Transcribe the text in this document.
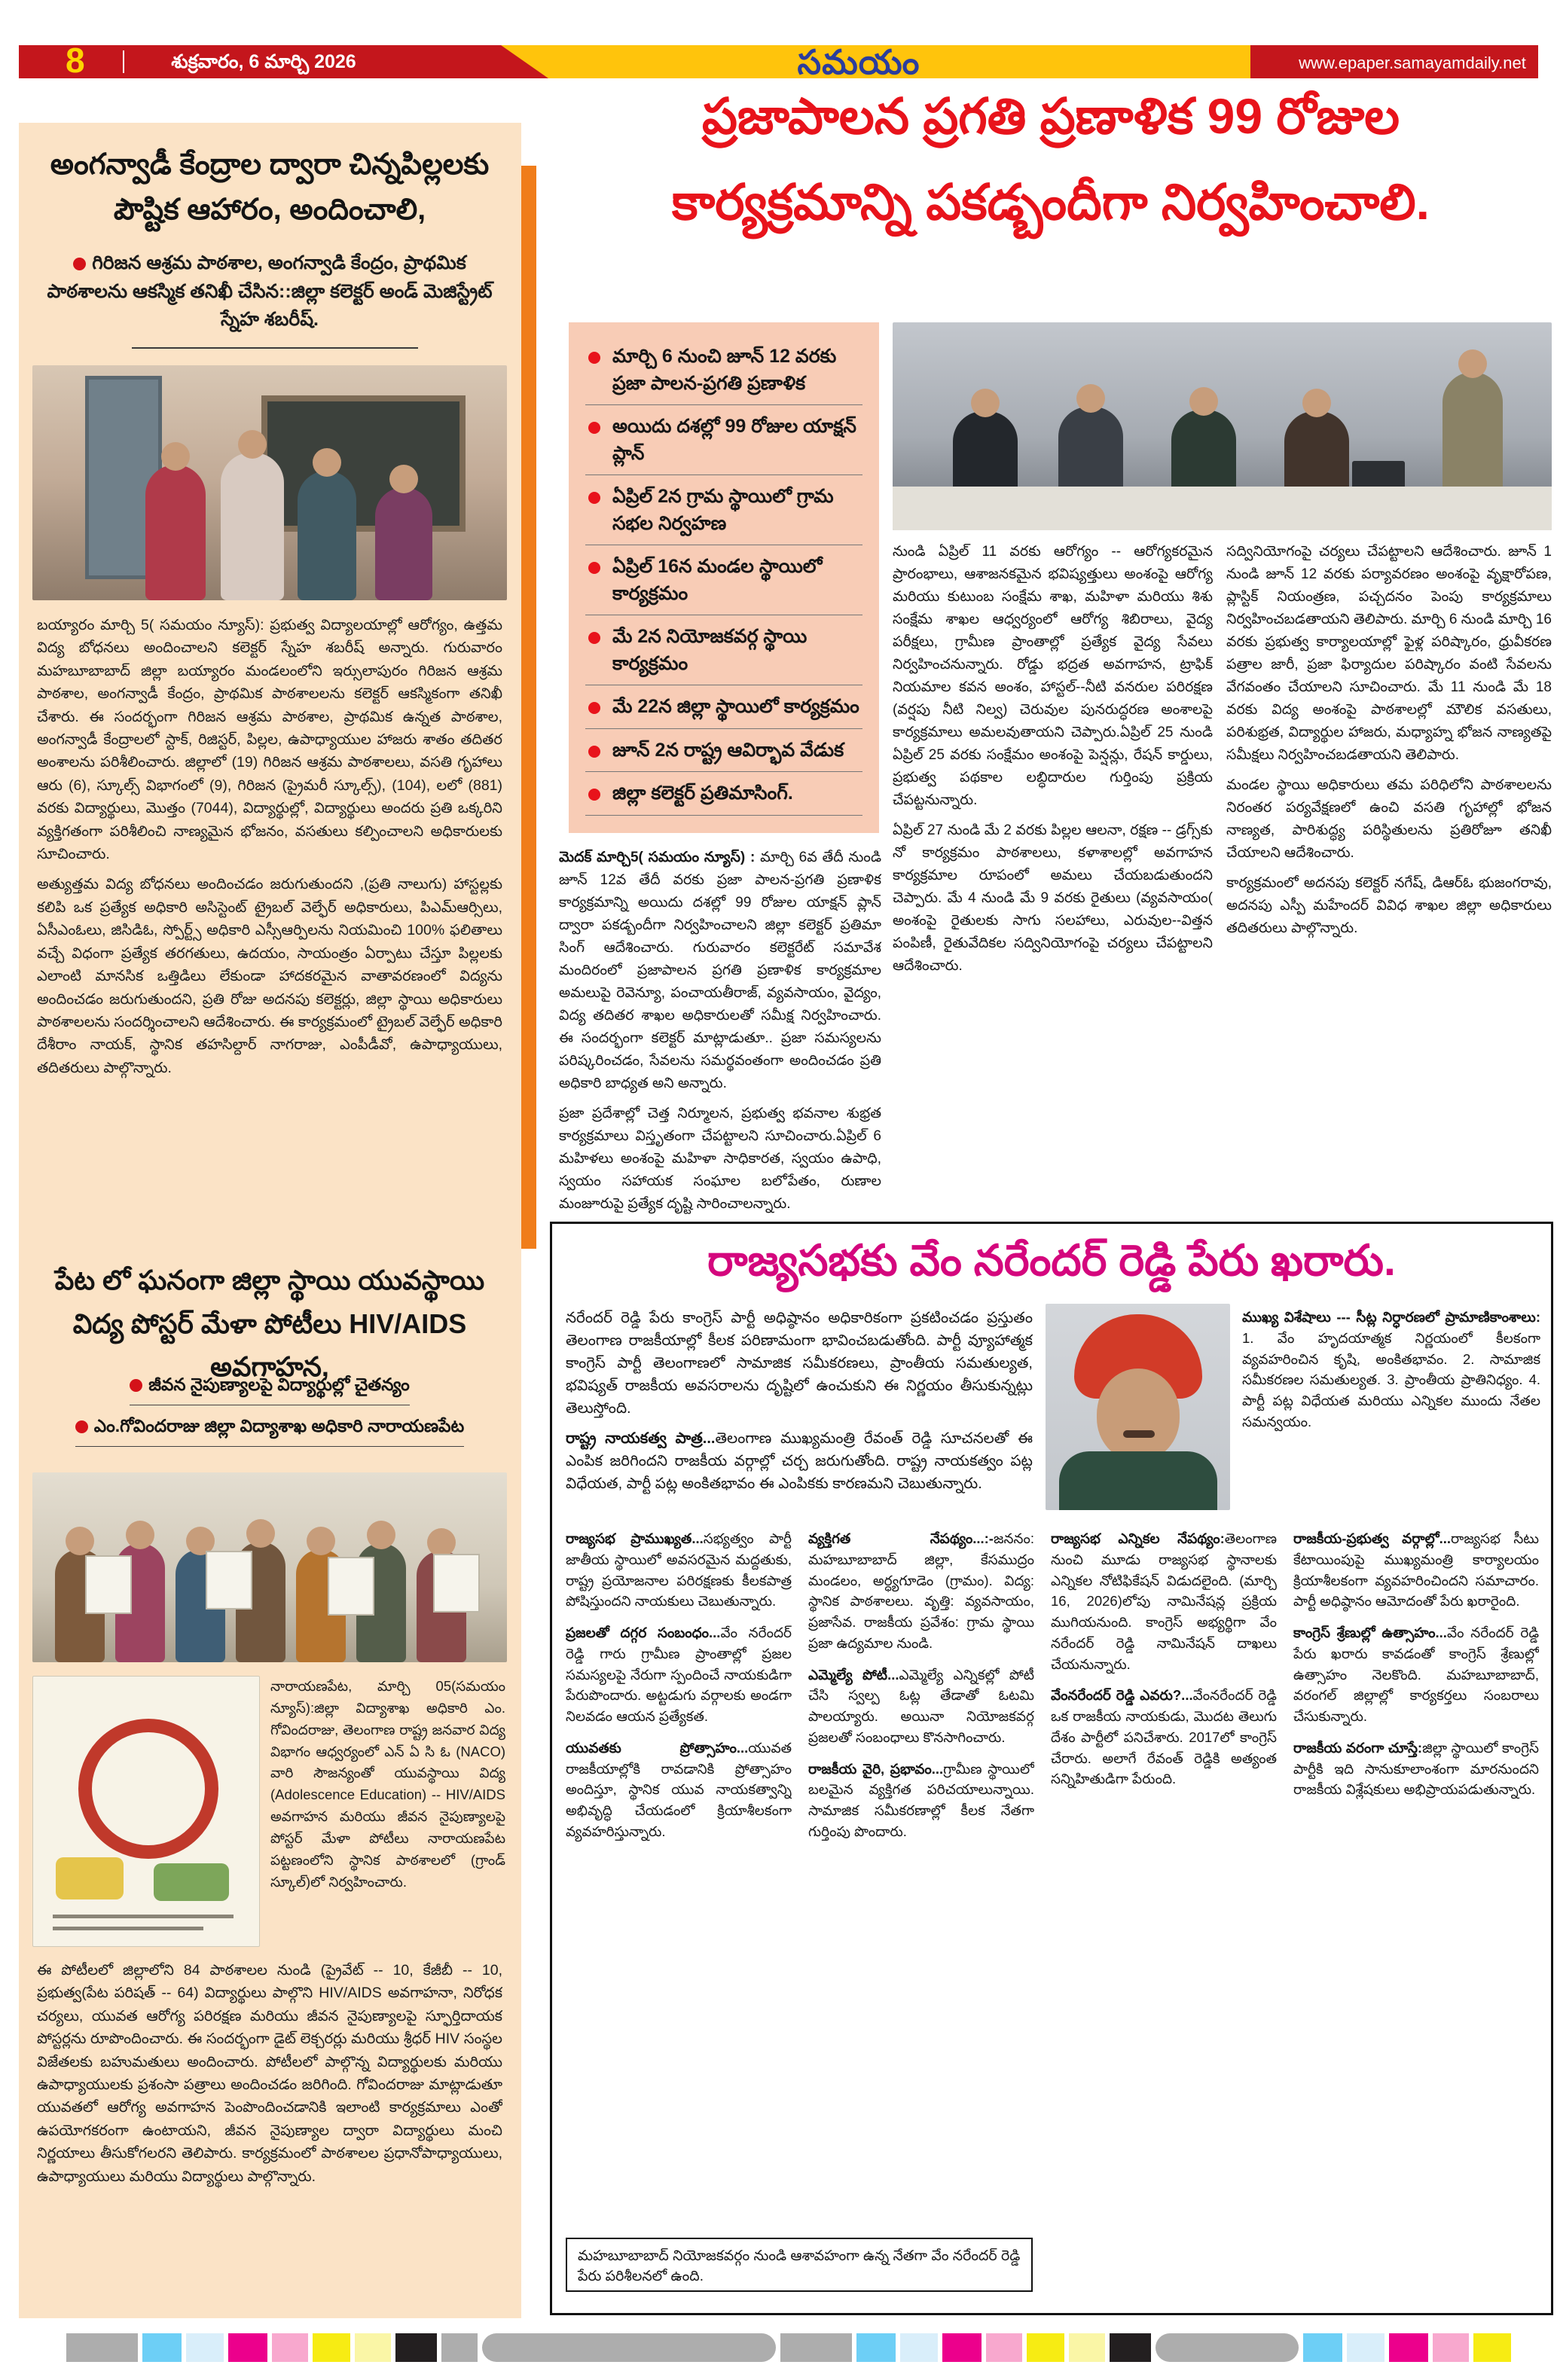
8	శుక్రవారం, 6 మార్చి 2026	సమయం	www.epaper.samayamdaily.net
అంగన్వాడీ కేంద్రాల ద్వారా చిన్నపిల్లలకు
పౌష్టిక ఆహారం, అందించాలి,
గిరిజన ఆశ్రమ పాఠశాల, అంగన్వాడి కేంద్రం, ప్రాథమిక పాఠశాలను ఆకస్మిక తనిఖీ చేసిన::జిల్లా కలెక్టర్ అండ్ మెజిస్ట్రేట్ స్నేహ శబరీష్.

బయ్యారం మార్చి 5( సమయం న్యూస్): ప్రభుత్వ విద్యాలయాల్లో ఆరోగ్యం, ఉత్తమ విద్య బోధనలు అందించాలని కలెక్టర్ స్నేహ శబరీష్ అన్నారు. గురువారం మహబూబాబాద్ జిల్లా బయ్యారం మండలంలోని ఇర్సులాపురం గిరిజన ఆశ్రమ పాఠశాల, అంగన్వాడీ కేంద్రం, ప్రాథమిక పాఠశాలలను కలెక్టర్ ఆకస్మికంగా తనిఖీ చేశారు. ఈ సందర్భంగా గిరిజన ఆశ్రమ పాఠశాల, ప్రాథమిక ఉన్నత పాఠశాల, అంగన్వాడీ కేంద్రాలలో స్టాక్, రిజిస్టర్, పిల్లల, ఉపాధ్యాయుల హాజరు శాతం తదితర అంశాలను పరిశీలించారు. జిల్లాలో (19) గిరిజన ఆశ్రమ పాఠశాలలు, వసతి గృహాలు ఆరు (6), స్కూల్స్ విభాగంలో (9), గిరిజన (ప్రైమరీ స్కూల్స్), (104), లలో (881) వరకు విద్యార్థులు, మొత్తం (7044), విద్యార్థుల్లో, విద్యార్థులు అందరు ప్రతి ఒక్కరిని వ్యక్తిగతంగా పరిశీలించి నాణ్యమైన భోజనం, వసతులు కల్పించాలని అధికారులకు సూచించారు.

అత్యుత్తమ విద్య బోధనలు అందించడం జరుగుతుందని ,(ప్రతి నాలుగు) హాస్టల్లకు కలిపి ఒక ప్రత్యేక అధికారి అసిస్టెంట్ ట్రైబల్ వెల్ఫేర్ అధికారులు, పిఎమ్‌ఆర్సిలు, ఏసీఎంఓలు, జిసిడిఓ, స్పోర్ట్స్ అధికారి ఎస్సీఆర్పిలను నియమించి 100% ఫలితాలు వచ్చే విధంగా ప్రత్యేక తరగతులు, ఉదయం, సాయంత్రం ఏర్పాటు చేస్తూ పిల్లలకు ఎలాంటి మానసిక ఒత్తిడిలు లేకుండా హాదకరమైన వాతావరణంలో విద్యను అందించడం జరుగుతుందని, ప్రతి రోజు అదనపు కలెక్టర్లు, జిల్లా స్థాయి అధికారులు పాఠశాలలను సందర్శించాలని ఆదేశించారు. ఈ కార్యక్రమంలో ట్రైబల్ వెల్ఫేర్ అధికారి దేశీరాం నాయక్, స్థానిక తహసిల్దార్ నాగరాజు, ఎంపీడీవో, ఉపాధ్యాయులు, తదితరులు పాల్గొన్నారు.

పేట లో ఘనంగా జిల్లా స్థాయి యువస్థాయి విద్య పోస్టర్ మేళా పోటీలు HIV/AIDS అవగాహన,
జీవన నైపుణ్యాలపై విద్యార్థుల్లో చైతన్యం
ఎం.గోవిందరాజు జిల్లా విద్యాశాఖ అధికారి నారాయణపేట
నారాయణపేట, మార్చి 05(సమయం న్యూస్):జిల్లా విద్యాశాఖ అధికారి ఎం. గోవిందరాజు, తెలంగాణ రాష్ట్ర జనవార విద్య విభాగం ఆధ్వర్యంలో ఎన్ ఏ సి ఓ (NACO) వారి సౌజన్యంతో యువస్థాయి విద్య (Adolescence Education) -- HIV/AIDS అవగాహన మరియు జీవన నైపుణ్యాలపై పోస్టర్ మేళా పోటీలు నారాయణపేట పట్టణంలోని స్థానిక పాఠశాలలో (గ్రాండ్ స్కూల్)లో నిర్వహించారు.
ఈ పోటీలలో జిల్లాలోని 84 పాఠశాలల నుండి (ప్రైవేట్ -- 10, కేజీబీ -- 10, ప్రభుత్వ(పేట పరిషత్ -- 64) విద్యార్థులు పాల్గొని HIV/AIDS అవగాహనా, నిరోధక చర్యలు, యువత ఆరోగ్య పరిరక్షణ మరియు జీవన నైపుణ్యాలపై స్ఫూర్తిదాయక పోస్టర్లను రూపొందించారు. ఈ సందర్భంగా డైట్ లెక్చరర్లు మరియు శ్రీధర్ HIV సంస్థల విజేతలకు బహుమతులు అందించారు. పోటీలలో పాల్గొన్న విద్యార్థులకు మరియు ఉపాధ్యాయులకు ప్రశంసా పత్రాలు అందించడం జరిగింది. గోవిందరాజు మాట్లాడుతూ యువతలో ఆరోగ్య అవగాహన పెంపొందించడానికి ఇలాంటి కార్యక్రమాలు ఎంతో ఉపయోగకరంగా ఉంటాయని, జీవన నైపుణ్యాల ద్వారా విద్యార్థులు మంచి నిర్ణయాలు తీసుకోగలరని తెలిపారు. కార్యక్రమంలో పాఠశాలల ప్రధానోపాధ్యాయులు, ఉపాధ్యాయులు మరియు విద్యార్థులు పాల్గొన్నారు.
ప్రజాపాలన ప్రగతి ప్రణాళిక 99 రోజుల
కార్యక్రమాన్ని పకడ్బందీగా నిర్వహించాలి.
మార్చి 6 నుంచి జూన్ 12 వరకు ప్రజా పాలన-ప్రగతి ప్రణాళిక
అయిదు దశల్లో 99 రోజుల యాక్షన్ ప్లాన్
ఏప్రిల్ 2న గ్రామ స్థాయిలో గ్రామ సభల నిర్వహణ
ఏప్రిల్ 16న మండల స్థాయిలో కార్యక్రమం
మే 2న నియోజకవర్గ స్థాయి కార్యక్రమం
మే 22న జిల్లా స్థాయిలో కార్యక్రమం
జూన్ 2న రాష్ట్ర ఆవిర్భావ వేడుక
జిల్లా కలెక్టర్ ప్రతిమాసింగ్.

మెదక్ మార్చి5( సమయం న్యూస్) : మార్చి 6వ తేదీ నుండి జూన్ 12వ తేదీ వరకు ప్రజా పాలన-ప్రగతి ప్రణాళిక కార్యక్రమాన్ని అయిదు దశల్లో 99 రోజుల యాక్షన్ ప్లాన్ ద్వారా పకడ్బందీగా నిర్వహించాలని జిల్లా కలెక్టర్ ప్రతిమా సింగ్ ఆదేశించారు. గురువారం కలెక్టరేట్ సమావేశ మందిరంలో ప్రజాపాలన ప్రగతి ప్రణాళిక కార్యక్రమాల అమలుపై రెవెన్యూ, పంచాయతీరాజ్, వ్యవసాయం, వైద్యం, విద్య తదితర శాఖల అధికారులతో సమీక్ష నిర్వహించారు. ఈ సందర్భంగా కలెక్టర్ మాట్లాడుతూ.. ప్రజా సమస్యలను పరిష్కరించడం, సేవలను సమర్థవంతంగా అందించడం ప్రతి అధికారి బాధ్యత అని అన్నారు.

ప్రజా ప్రదేశాల్లో చెత్త నిర్మూలన, ప్రభుత్వ భవనాల శుభ్రత కార్యక్రమాలు విస్తృతంగా చేపట్టాలని సూచించారు.ఏప్రిల్ 6 మహిళలు అంశంపై మహిళా సాధికారత, స్వయం ఉపాధి, స్వయం సహాయక సంఘాల బలోపేతం, రుణాల మంజూరుపై ప్రత్యేక దృష్టి సారించాలన్నారు.

నుండి ఏప్రిల్ 11 వరకు ఆరోగ్యం -- ఆరోగ్యకరమైన ప్రారంభాలు, ఆశాజనకమైన భవిష్యత్తులు అంశంపై ఆరోగ్య మరియు కుటుంబ సంక్షేమ శాఖ, మహిళా మరియు శిశు సంక్షేమ శాఖల ఆధ్వర్యంలో ఆరోగ్య శిబిరాలు, వైద్య పరీక్షలు, గ్రామీణ ప్రాంతాల్లో ప్రత్యేక వైద్య సేవలు నిర్వహించనున్నారు. రోడ్డు భద్రత అవగాహన, ట్రాఫిక్ నియమాల కవన అంశం, హాస్టల్--నీటి వనరుల పరిరక్షణ (వర్షపు నీటి నిల్వ) చెరువుల పునరుద్ధరణ అంశాలపై కార్యక్రమాలు అమలవుతాయని చెప్పారు.ఏప్రిల్ 25 నుండి ఏప్రిల్ 25 వరకు సంక్షేమం అంశంపై పెన్షన్లు, రేషన్ కార్డులు, ప్రభుత్వ పథకాల లబ్ధిదారుల గుర్తింపు ప్రక్రియ చేపట్టనున్నారు.

ఏప్రిల్ 27 నుండి మే 2 వరకు పిల్లల ఆలనా, రక్షణ -- డ్రగ్స్‌కు నో కార్యక్రమం పాఠశాలలు, కళాశాలల్లో అవగాహన కార్యక్రమాల రూపంలో అమలు చేయబడుతుందని చెప్పారు. మే 4 నుండి మే 9 వరకు రైతులు (వ్యవసాయం( అంశంపై రైతులకు సాగు సలహాలు, ఎరువుల--విత్తన పంపిణీ, రైతువేదికల సద్వినియోగంపై చర్యలు చేపట్టాలని ఆదేశించారు.

సద్వినియోగంపై చర్యలు చేపట్టాలని ఆదేశించారు. జూన్ 1 నుండి జూన్ 12 వరకు పర్యావరణం అంశంపై వృక్షారోపణ, ప్లాస్టిక్ నియంత్రణ, పచ్చదనం పెంపు కార్యక్రమాలు నిర్వహించబడతాయని తెలిపారు. మార్చి 6 నుండి మార్చి 16 వరకు ప్రభుత్వ కార్యాలయాల్లో ఫైళ్ల పరిష్కారం, ధ్రువీకరణ పత్రాల జారీ, ప్రజా ఫిర్యాదుల పరిష్కారం వంటి సేవలను వేగవంతం చేయాలని సూచించారు. మే 11 నుండి మే 18 వరకు విద్య అంశంపై పాఠశాలల్లో మౌలిక వసతులు, పరిశుభ్రత, విద్యార్థుల హాజరు, మధ్యాహ్న భోజన నాణ్యతపై సమీక్షలు నిర్వహించబడతాయని తెలిపారు.

మండల స్థాయి అధికారులు తమ పరిధిలోని పాఠశాలలను నిరంతర పర్యవేక్షణలో ఉంచి వసతి గృహాల్లో భోజన నాణ్యత, పారిశుద్ధ్య పరిస్థితులను ప్రతిరోజూ తనిఖీ చేయాలని ఆదేశించారు.

కార్యక్రమంలో అదనపు కలెక్టర్ నగేష్, డిఆర్ఓ భుజంగరావు, అదనపు ఎస్పీ మహేందర్ వివిధ శాఖల జిల్లా అధికారులు తదితరులు పాల్గొన్నారు.

రాజ్యసభకు వేం నరేందర్ రెడ్డి పేరు ఖరారు.

నరేందర్ రెడ్డి పేరు కాంగ్రెస్ పార్టీ అధిష్ఠానం అధికారికంగా ప్రకటించడం ప్రస్తుతం తెలంగాణ రాజకీయాల్లో కీలక పరిణామంగా భావించబడుతోంది. పార్టీ వ్యూహాత్మక కాంగ్రెస్ పార్టీ తెలంగాణలో సామాజిక సమీకరణలు, ప్రాంతీయ సమతుల్యత, భవిష్యత్ రాజకీయ అవసరాలను దృష్టిలో ఉంచుకుని ఈ నిర్ణయం తీసుకున్నట్లు తెలుస్తోంది.

రాష్ట్ర నాయకత్వ పాత్ర...తెలంగాణ ముఖ్యమంత్రి రేవంత్ రెడ్డి సూచనలతో ఈ ఎంపిక జరిగిందని రాజకీయ వర్గాల్లో చర్చ జరుగుతోంది. రాష్ట్ర నాయకత్వం పట్ల విధేయత, పార్టీ పట్ల అంకితభావం ఈ ఎంపికకు కారణమని చెబుతున్నారు.

ముఖ్య విశేషాలు --- సీట్ల నిర్ధారణలో ప్రామాణికాంశాలు: 1. వేం హృదయాత్మక నిర్ణయంలో కీలకంగా వ్యవహరించిన కృషి, అంకితభావం. 2. సామాజిక సమీకరణల సమతుల్యత. 3. ప్రాంతీయ ప్రాతినిధ్యం. 4. పార్టీ పట్ల విధేయత మరియు ఎన్నికల ముందు నేతల సమన్వయం.

రాజ్యసభ ప్రాముఖ్యత...సభ్యత్వం పార్టీ జాతీయ స్థాయిలో అవసరమైన మద్దతుకు, రాష్ట్ర ప్రయోజనాల పరిరక్షణకు కీలకపాత్ర పోషిస్తుందని నాయకులు చెబుతున్నారు.
ప్రజలతో దగ్గర సంబంధం...వేం నరేందర్ రెడ్డి గారు గ్రామీణ ప్రాంతాల్లో ప్రజల సమస్యలపై నేరుగా స్పందించే నాయకుడిగా పేరుపొందారు. అట్టడుగు వర్గాలకు అండగా నిలవడం ఆయన ప్రత్యేకత.
యువతకు ప్రోత్సాహం...యువత రాజకీయాల్లోకి రావడానికి ప్రోత్సాహం అందిస్తూ, స్థానిక యువ నాయకత్వాన్ని అభివృద్ధి చేయడంలో క్రియాశీలకంగా వ్యవహరిస్తున్నారు.
వ్యక్తిగత నేపథ్యం...:-జననం: మహబూబాబాద్ జిల్లా, కేసముద్రం మండలం, అర్ధ్యగూడెం (గ్రామం). విద్య: స్థానిక పాఠశాలలు. వృత్తి: వ్యవసాయం, ప్రజాసేవ. రాజకీయ ప్రవేశం: గ్రామ స్థాయి ప్రజా ఉద్యమాల నుండి.
ఎమ్మెల్యే పోటీ...ఎమ్మెల్యే ఎన్నికల్లో పోటీ చేసి స్వల్ప ఓట్ల తేడాతో ఓటమి పాలయ్యారు. అయినా నియోజకవర్గ ప్రజలతో సంబంధాలు కొనసాగించారు.
రాజకీయ వైరి, ప్రభావం...గ్రామీణ స్థాయిలో బలమైన వ్యక్తిగత పరిచయాలున్నాయి. సామాజిక సమీకరణాల్లో కీలక నేతగా గుర్తింపు పొందారు.
రాజ్యసభ ఎన్నికల నేపథ్యం:తెలంగాణ నుంచి మూడు రాజ్యసభ స్థానాలకు ఎన్నికల నోటిఫికేషన్ విడుదలైంది. (మార్చి 16, 2026)లోపు నామినేషన్ల ప్రక్రియ ముగియనుంది. కాంగ్రెస్ అభ్యర్థిగా వేం నరేందర్ రెడ్డి నామినేషన్ దాఖలు చేయనున్నారు.
వేంనరేందర్ రెడ్డి ఎవరు?...వేంనరేందర్ రెడ్డి ఒక రాజకీయ నాయకుడు, మొదట తెలుగు దేశం పార్టీలో పనిచేశారు. 2017లో కాంగ్రెస్ చేరారు. అలాగే రేవంత్ రెడ్డికి అత్యంత సన్నిహితుడిగా పేరుంది.
రాజకీయ-ప్రభుత్వ వర్గాల్లో...రాజ్యసభ సీటు కేటాయింపుపై ముఖ్యమంత్రి కార్యాలయం క్రియాశీలకంగా వ్యవహరించిందని సమాచారం. పార్టీ అధిష్ఠానం ఆమోదంతో పేరు ఖరారైంది.
కాంగ్రెస్ శ్రేణుల్లో ఉత్సాహం...వేం నరేందర్ రెడ్డి పేరు ఖరారు కావడంతో కాంగ్రెస్ శ్రేణుల్లో ఉత్సాహం నెలకొంది. మహబూబాబాద్, వరంగల్ జిల్లాల్లో కార్యకర్తలు సంబరాలు చేసుకున్నారు.
రాజకీయ వరంగా చూస్తే:జిల్లా స్థాయిలో కాంగ్రెస్ పార్టీకి ఇది సానుకూలాంశంగా మారనుందని రాజకీయ విశ్లేషకులు అభిప్రాయపడుతున్నారు.
మహబూబాబాద్ నియోజకవర్గం నుండి ఆశావహంగా ఉన్న నేతగా వేం నరేందర్ రెడ్డి పేరు పరిశీలనలో ఉంది.
